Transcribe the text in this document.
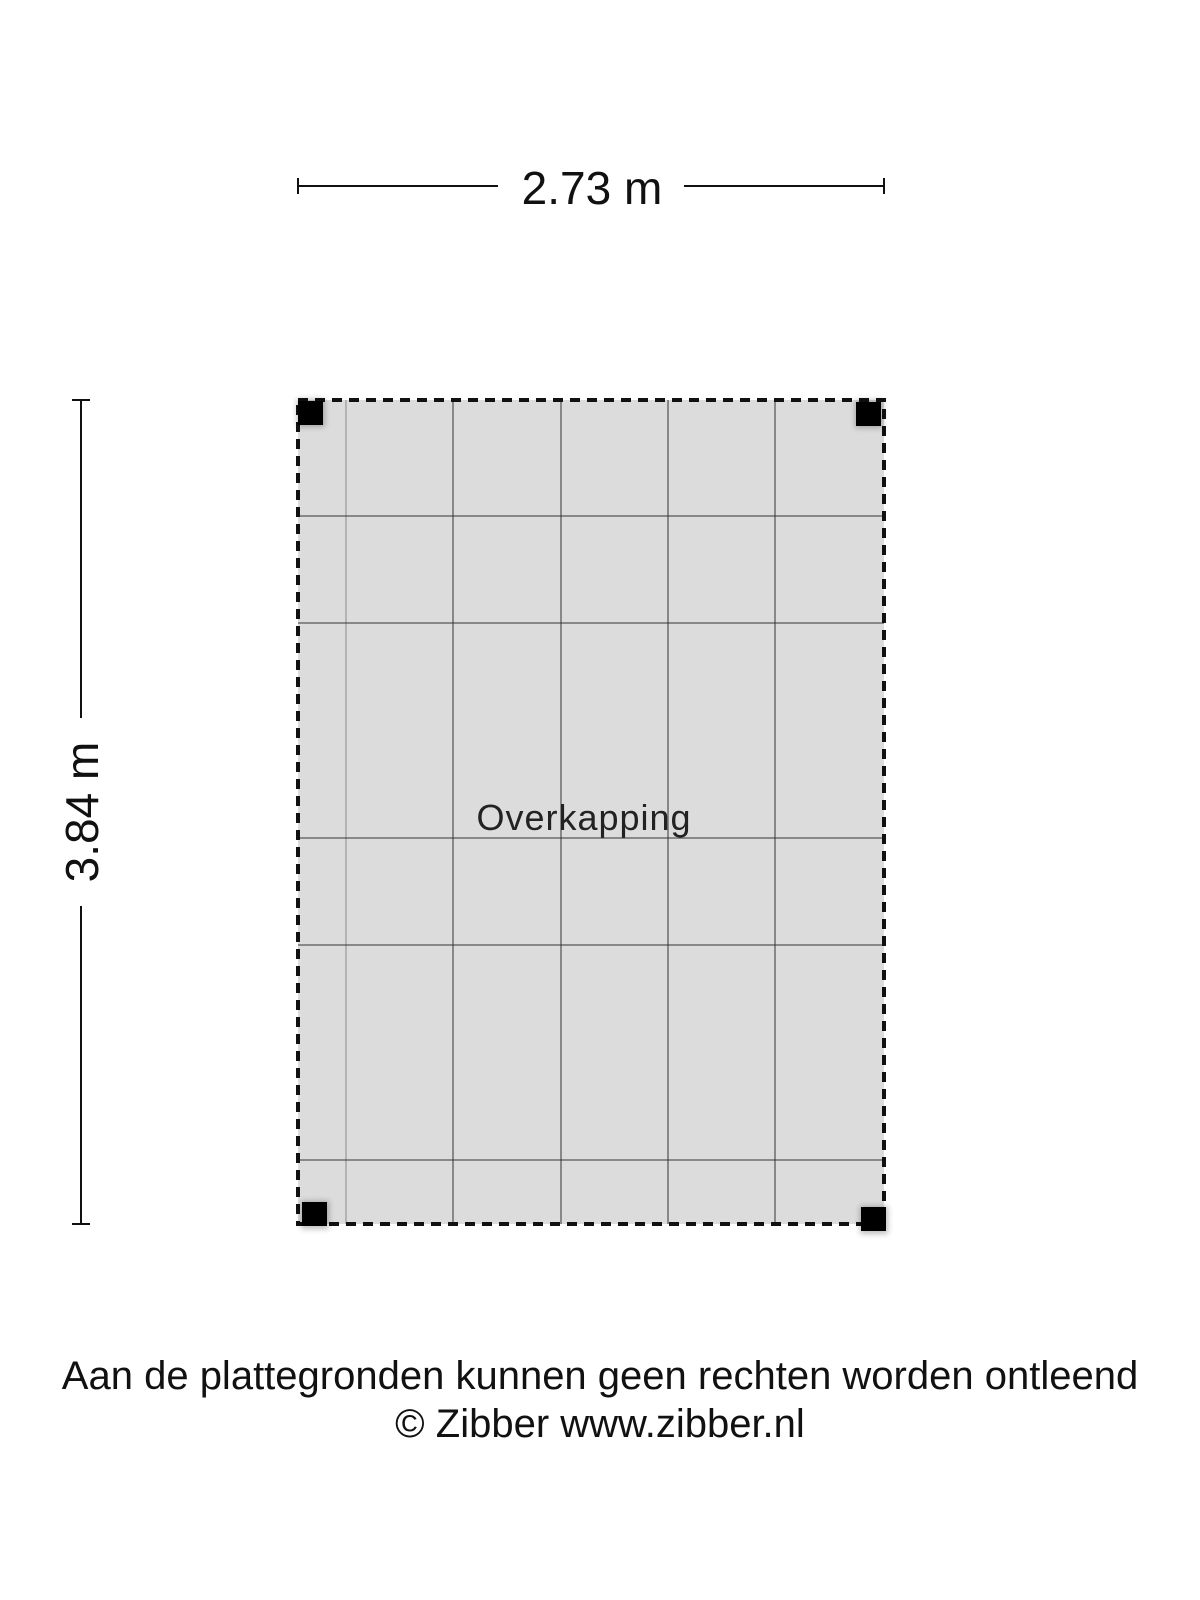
2.73 m
3.84 m	Overkapping
Aan de plattegronden kunnen geen rechten worden ontleend
© Zibber www.zibber.nl
